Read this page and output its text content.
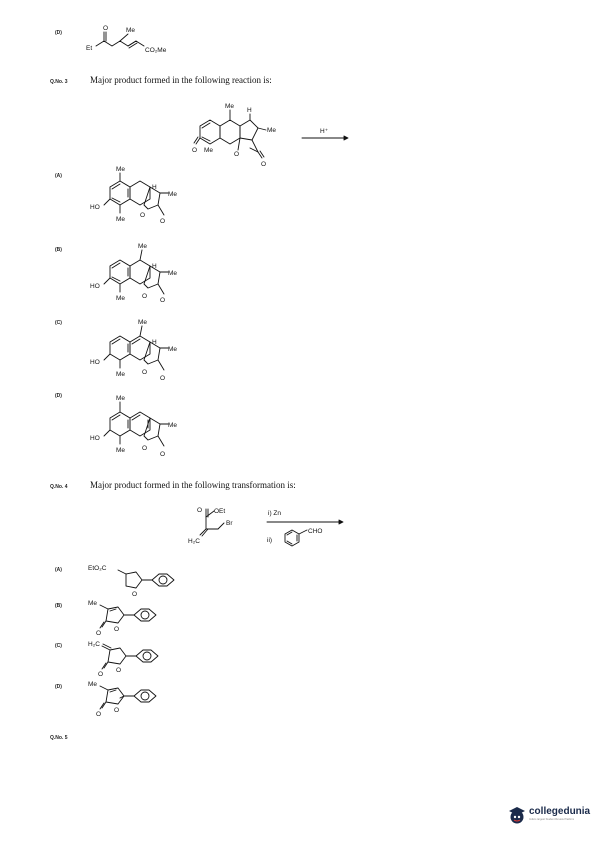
(D)
O	Me
Et	CO₂Me
Q.No. 3 Major product formed in the following reaction is:
O
Me
H
Me
Me
O
O
H⁺
(A)
Me
HO
Me
O
O
H
Me
(B)	Me
HO
Me	O
O
H
Me
(C)	Me
HO
Me	O
O
H
Me
(D)	Me
HO
Me	O
O
Me
Q.No. 4 Major product formed in the following transformation is:
O OEt
H₂C
Br
i) Zn
ii)
CHO
(A)	EtO₂C
O
(B)	Me
O
O
(C)	H₂C
O
O
(D)	Me
O
O
Q.No. 5
collegedunia
India's largest Student Review Platform
